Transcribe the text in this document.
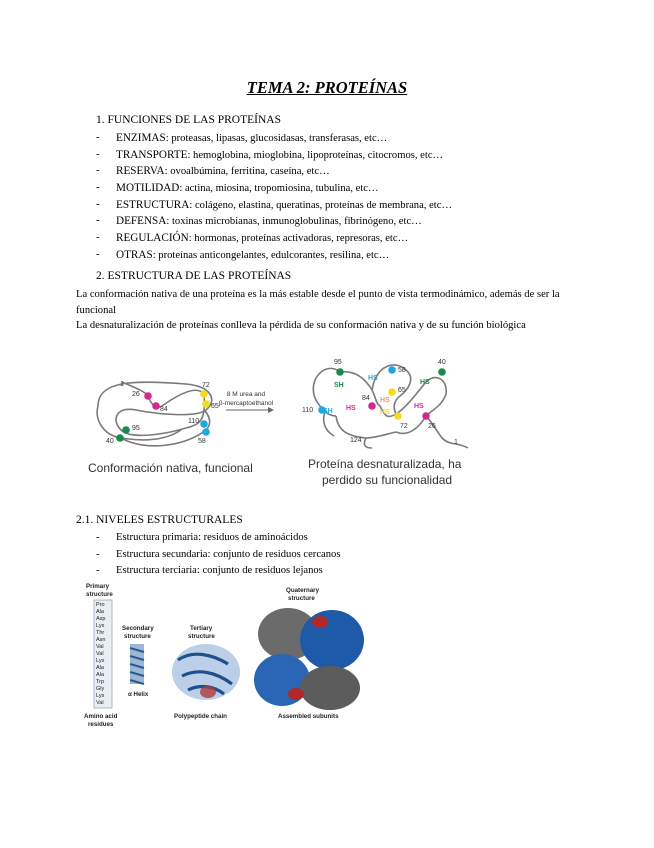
TEMA 2: PROTEÍNAS
1. FUNCIONES DE LAS PROTEÍNAS
- ENZIMAS: proteasas, lipasas, glucosidasas, transferasas, etc…
- TRANSPORTE: hemoglobina, mioglobina, lipoproteínas, citocromos, etc…
- RESERVA: ovoalbúmina, ferritina, caseína, etc…
- MOTILIDAD: actina, miosina, tropomiosina, tubulina, etc…
- ESTRUCTURA: colágeno, elastina, queratinas, proteínas de membrana, etc…
- DEFENSA: toxinas microbianas, inmunoglobulinas, fibrinógeno, etc…
- REGULACIÓN: hormonas, proteínas activadoras, represoras, etc…
- OTRAS: proteínas anticongelantes, edulcorantes, resilina, etc…
2. ESTRUCTURA DE LAS PROTEÍNAS
La conformación nativa de una proteína es la más estable desde el punto de vista termodinámico, además de ser la funcional
La desnaturalización de proteínas conlleva la pérdida de su conformación nativa y de su función biológica
1
26
84
72
65
110
58
95
40
8 M urea and
β-mercaptoethanol
95
58
40
65
84
110
72	26
124	1
SH
SH
HS
HS
HS
HS
HS
HS
Conformación nativa, funcional	Proteína desnaturalizada, ha
perdido su funcionalidad
2.1. NIVELES ESTRUCTURALES
- Estructura primaria: residuos de aminoácidos
- Estructura secundaria: conjunto de residuos cercanos
- Estructura terciaria: conjunto de residuos lejanos
Primary
structure
Pro
Ala
Asp
Lys
Thr
Asn
Val
Val
Lys
Ala
Ala
Trp
Gly
Lys
Val
Amino acid
residues
Secondary
structure
α Helix
Tertiary
structure
Polypeptide chain
Quaternary
structure
Assembled subunits
